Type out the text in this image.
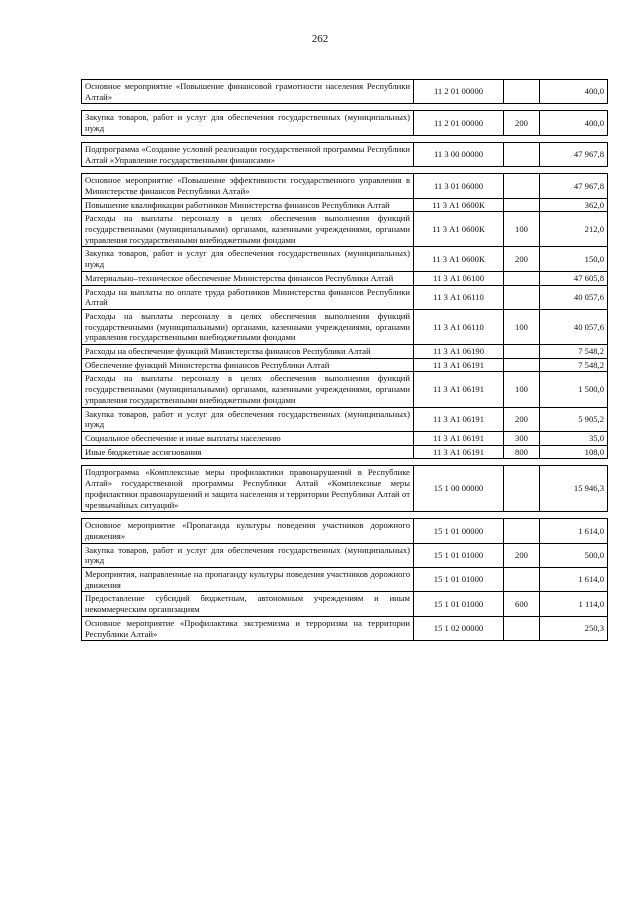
262
Основное мероприятие «Повышение финансовой грамотности населения Республики Алтай»	11 2 01 00000		400,0

Закупка товаров, работ и услуг для обеспечения государственных (муниципальных) нужд	11 2 01 00000	200	400,0

Подпрограмма «Создание условий реализации государственной программы Республики Алтай «Управление государственными финансами»	11 3 00 00000		47 967,8

Основное мероприятие «Повышение эффективности государственного управления в Министерстве финансов Республики Алтай»	11 3 01 06000		47 967,8
Повышение квалификации работников Министерства финансов Республики Алтай	11 3 А1 0600К		362,0
Расходы на выплаты персоналу в целях обеспечения выполнения функций государственными (муниципальными) органами, казенными учреждениями, органами управления государственными внебюджетными фондами	11 3 А1 0600К	100	212,0
Закупка товаров, работ и услуг для обеспечения государственных (муниципальных) нужд	11 3 А1 0600К	200	150,0
Материально–техническое обеспечение Министерства финансов Республики Алтай	11 3 А1 06100		47 605,8
Расходы на выплаты по оплате труда работников Министерства финансов Республики Алтай	11 3 А1 06110		40 057,6
Расходы на выплаты персоналу в целях обеспечения выполнения функций государственными (муниципальными) органами, казенными учреждениями, органами управления государственными внебюджетными фондами	11 3 А1 06110	100	40 057,6
Расходы на обеспечение функций Министерства финансов Республики Алтай	11 3 А1 06190		7 548,2
Обеспечение функций Министерства финансов Республики Алтай	11 3 А1 06191		7 548,2
Расходы на выплаты персоналу в целях обеспечения выполнения функций государственными (муниципальными) органами, казенными учреждениями, органами управления государственными внебюджетными фондами	11 3 А1 06191	100	1 500,0
Закупка товаров, работ и услуг для обеспечения государственных (муниципальных) нужд	11 3 А1 06191	200	5 905,2
Социальное обеспечение и иные выплаты населению	11 3 А1 06191	300	35,0
Иные бюджетные ассигнования	11 3 А1 06191	800	108,0

Подпрограмма «Комплексные меры профилактики правонарушений в Республике Алтай» государственной программы Республики Алтай «Комплексные меры профилактики правонарушений и защита населения и территории Республики Алтай от чрезвычайных ситуаций»	15 1 00 00000		15 946,3

Основное мероприятие «Пропаганда культуры поведения участников дорожного движения»	15 1 01 00000		1 614,0
Закупка товаров, работ и услуг для обеспечения государственных (муниципальных) нужд	15 1 01 01000	200	500,0
Мероприятия, направленные на пропаганду культуры поведения участников дорожного движения	15 1 01 01000		1 614,0
Предоставление субсидий бюджетным, автономным учреждениям и иным некоммерческим организациям	15 1 01 01000	600	1 114,0
Основное мероприятие «Профилактика экстремизма и терроризма на территории Республики Алтай»	15 1 02 00000		250,3
